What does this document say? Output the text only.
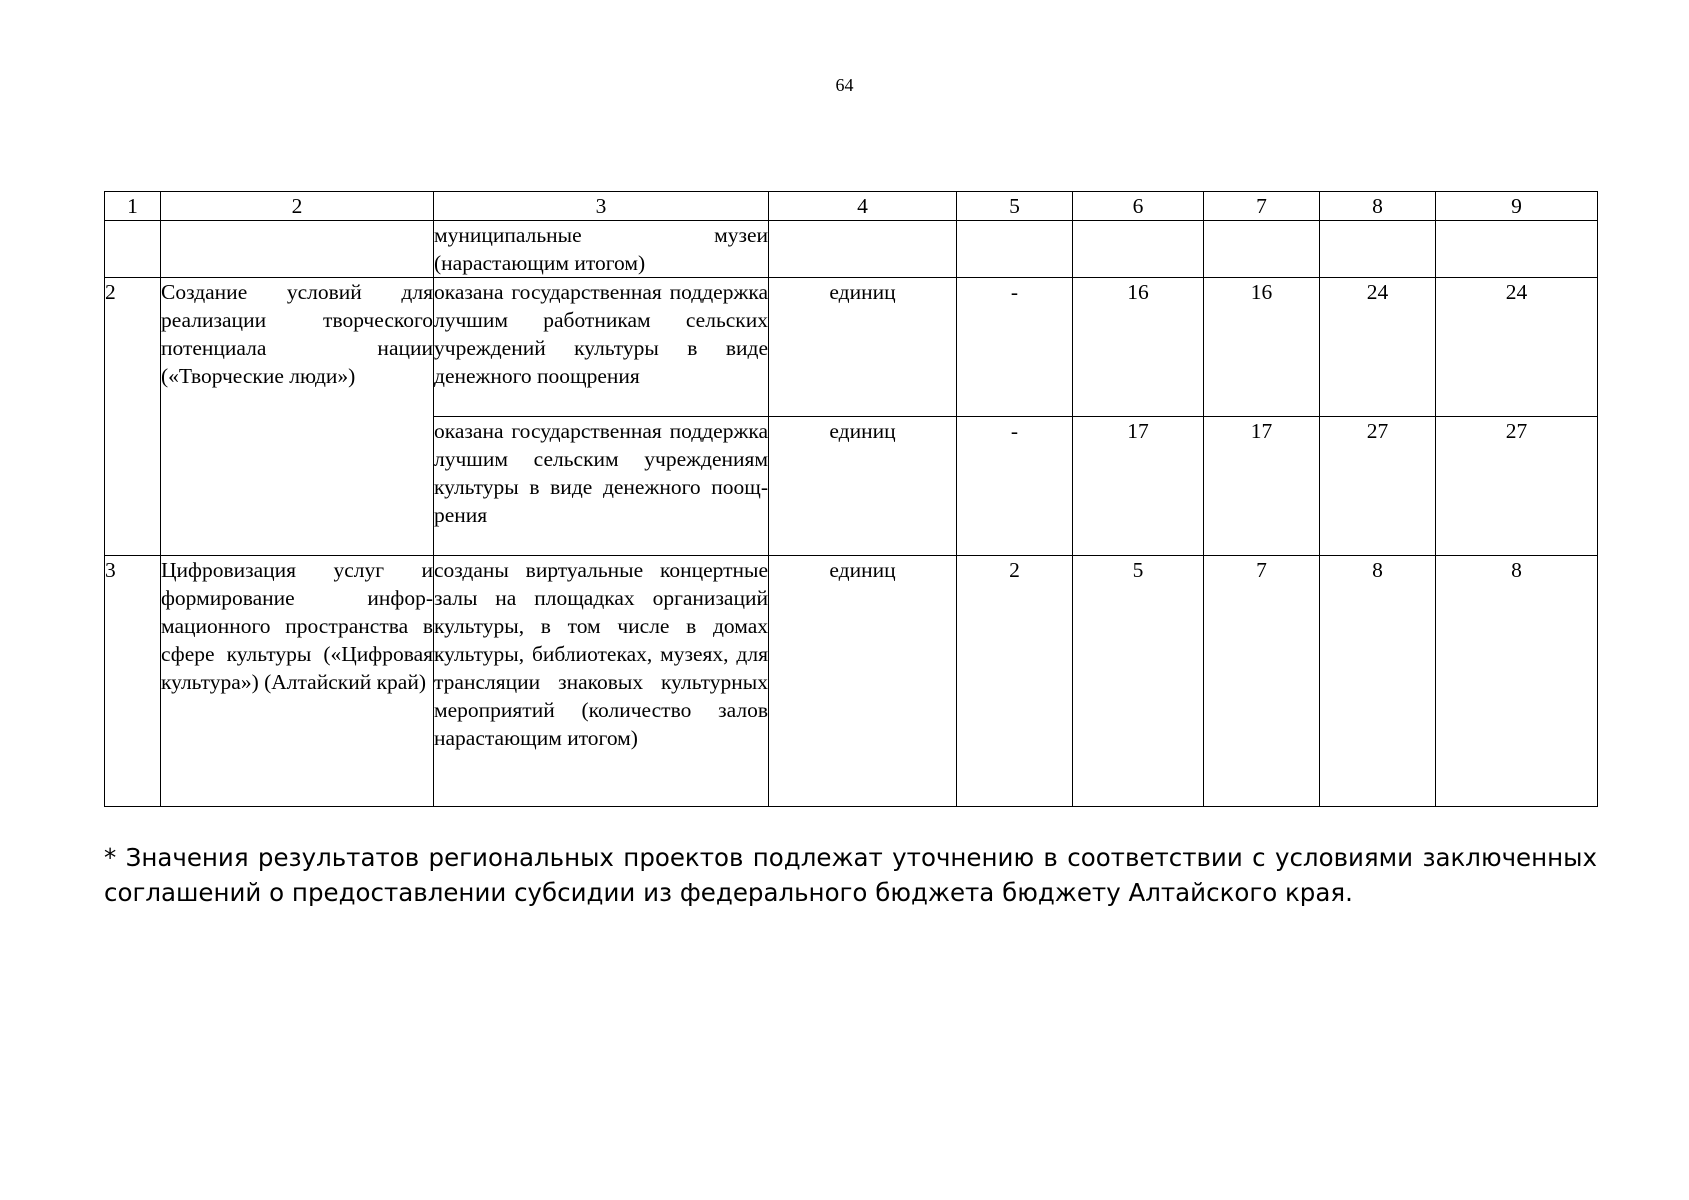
64
1	2	3	4	5	6	7	8	9
		муниципальные музеи (нарастающим итогом)						
2	Создание условий для реализации творческого потенциала нации («Творческие люди»)	оказана государственная поддержка лучшим работникам сельских учреждений культуры в виде денежного поощрения	единиц	-	16	16	24	24
		оказана государственная поддержка лучшим сельским учреждениям культуры в виде денежного поощрения	единиц	-	17	17	27	27
3	Цифровизация услуг и формирование информационного пространства в сфере культуры («Цифровая культура») (Алтайский край)	созданы виртуальные концертные залы на площадках организаций культуры, в том числе в домах культуры, библиотеках, музеях, для трансляции знаковых культурных мероприятий (количество залов нарастающим итогом)	единиц	2	5	7	8	8
* Значения результатов региональных проектов подлежат уточнению в соответствии с условиями заключенных соглашений о предоставлении субсидии из федерального бюджета бюджету Алтайского края.
